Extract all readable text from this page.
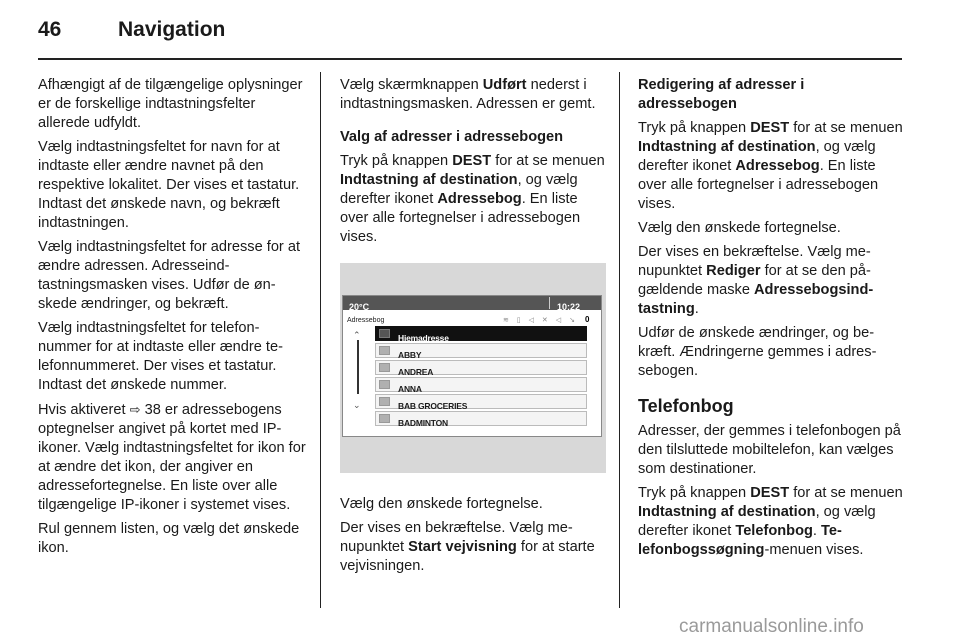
46	Navigation

Afhængigt af de tilgængelige oplysninger er de forskellige indtastningsfelter allerede udfyldt.

Vælg indtastningsfeltet for navn for at indtaste eller ændre navnet på den respektive lokalitet. Der vises et tastatur. Indtast det ønskede navn, og bekræft indtastningen.

Vælg indtastningsfeltet for adresse for at ændre adressen. Adresseindtastningsmasken vises. Udfør de ønskede ændringer, og bekræft.

Vælg indtastningsfeltet for telefonnummer for at indtaste eller ændre telefonnummeret. Der vises et tastatur. Indtast det ønskede nummer.

Hvis aktiveret ⇨ 38 er adressebogens optegnelser angivet på kortet med IP-ikoner. Vælg indtastningsfeltet for ikon for at ændre det ikon, der angiver en adressefortegnelse. En liste over alle tilgængelige IP-ikoner i systemet vises.

Rul gennem listen, og vælg det ønskede ikon.

Vælg skærmknappen Udført nederst i indtastningsmasken. Adressen er gemt.

Valg af adresser i adressebogen

Tryk på knappen DEST for at se menuen Indtastning af destination, og vælg derefter ikonet Adressebog. En liste over alle fortegnelser i adressebogen vises.

20°C	10:22
Adressebog	≋ ▯ ◁ ✕ ◁ ↘ 0
⌃
⌄
Hjemadresse
ABBY
ANDREA
ANNA
BAB GROCERIES
BADMINTON

Vælg den ønskede fortegnelse.

Der vises en bekræftelse. Vælg menupunktet Start vejvisning for at starte vejvisningen.

Redigering af adresser i adressebogen

Tryk på knappen DEST for at se menuen Indtastning af destination, og vælg derefter ikonet Adressebog. En liste over alle fortegnelser i adressebogen vises.

Vælg den ønskede fortegnelse.

Der vises en bekræftelse. Vælg menupunktet Rediger for at se den pågældende maske Adressebogsindtastning.

Udfør de ønskede ændringer, og bekræft. Ændringerne gemmes i adressebogen.

Telefonbog

Adresser, der gemmes i telefonbogen på den tilsluttede mobiltelefon, kan vælges som destinationer.

Tryk på knappen DEST for at se menuen Indtastning af destination, og vælg derefter ikonet Telefonbog. Telefonbogssøgning-menuen vises.

carmanualsonline.info
